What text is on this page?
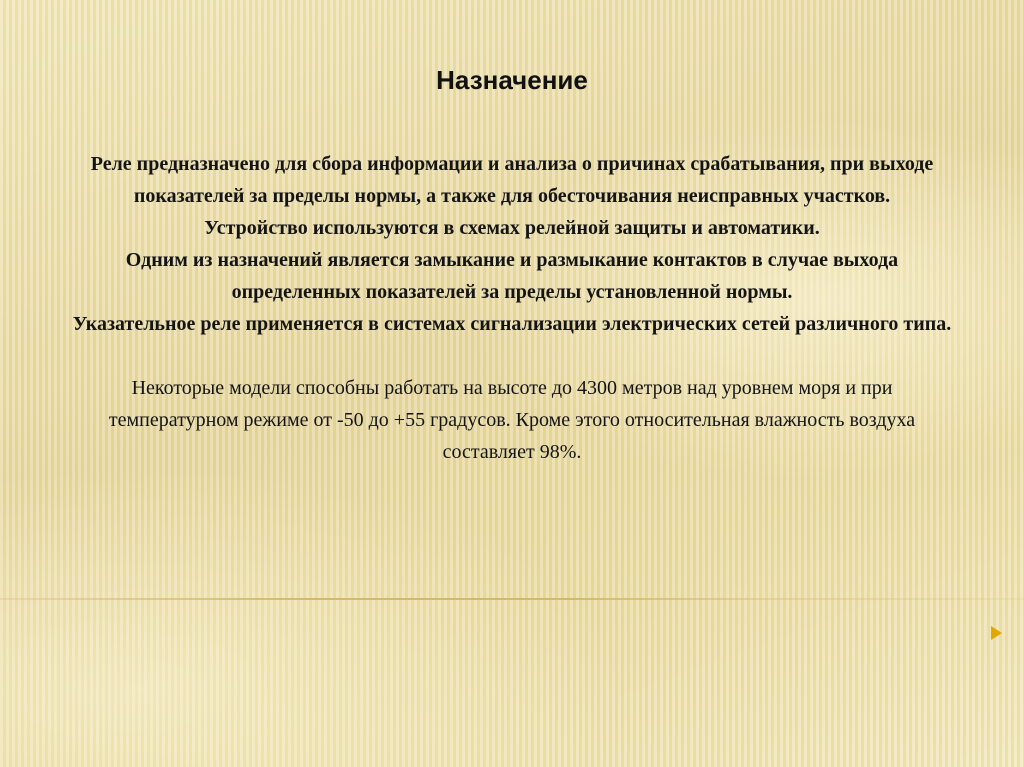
Назначение

Реле предназначено для сбора информации и анализа о причинах срабатывания, при выходе показателей за пределы нормы, а также для обесточивания неисправных участков.

Устройство используются в схемах релейной защиты и автоматики.

Одним из назначений является замыкание и размыкание контактов в случае выхода определенных показателей за пределы установленной нормы.

Указательное реле применяется в системах сигнализации электрических сетей различного типа.

Некоторые модели способны работать на высоте до 4300 метров над уровнем моря и при температурном режиме от -50 до +55 градусов. Кроме этого относительная влажность воздуха составляет 98%.
